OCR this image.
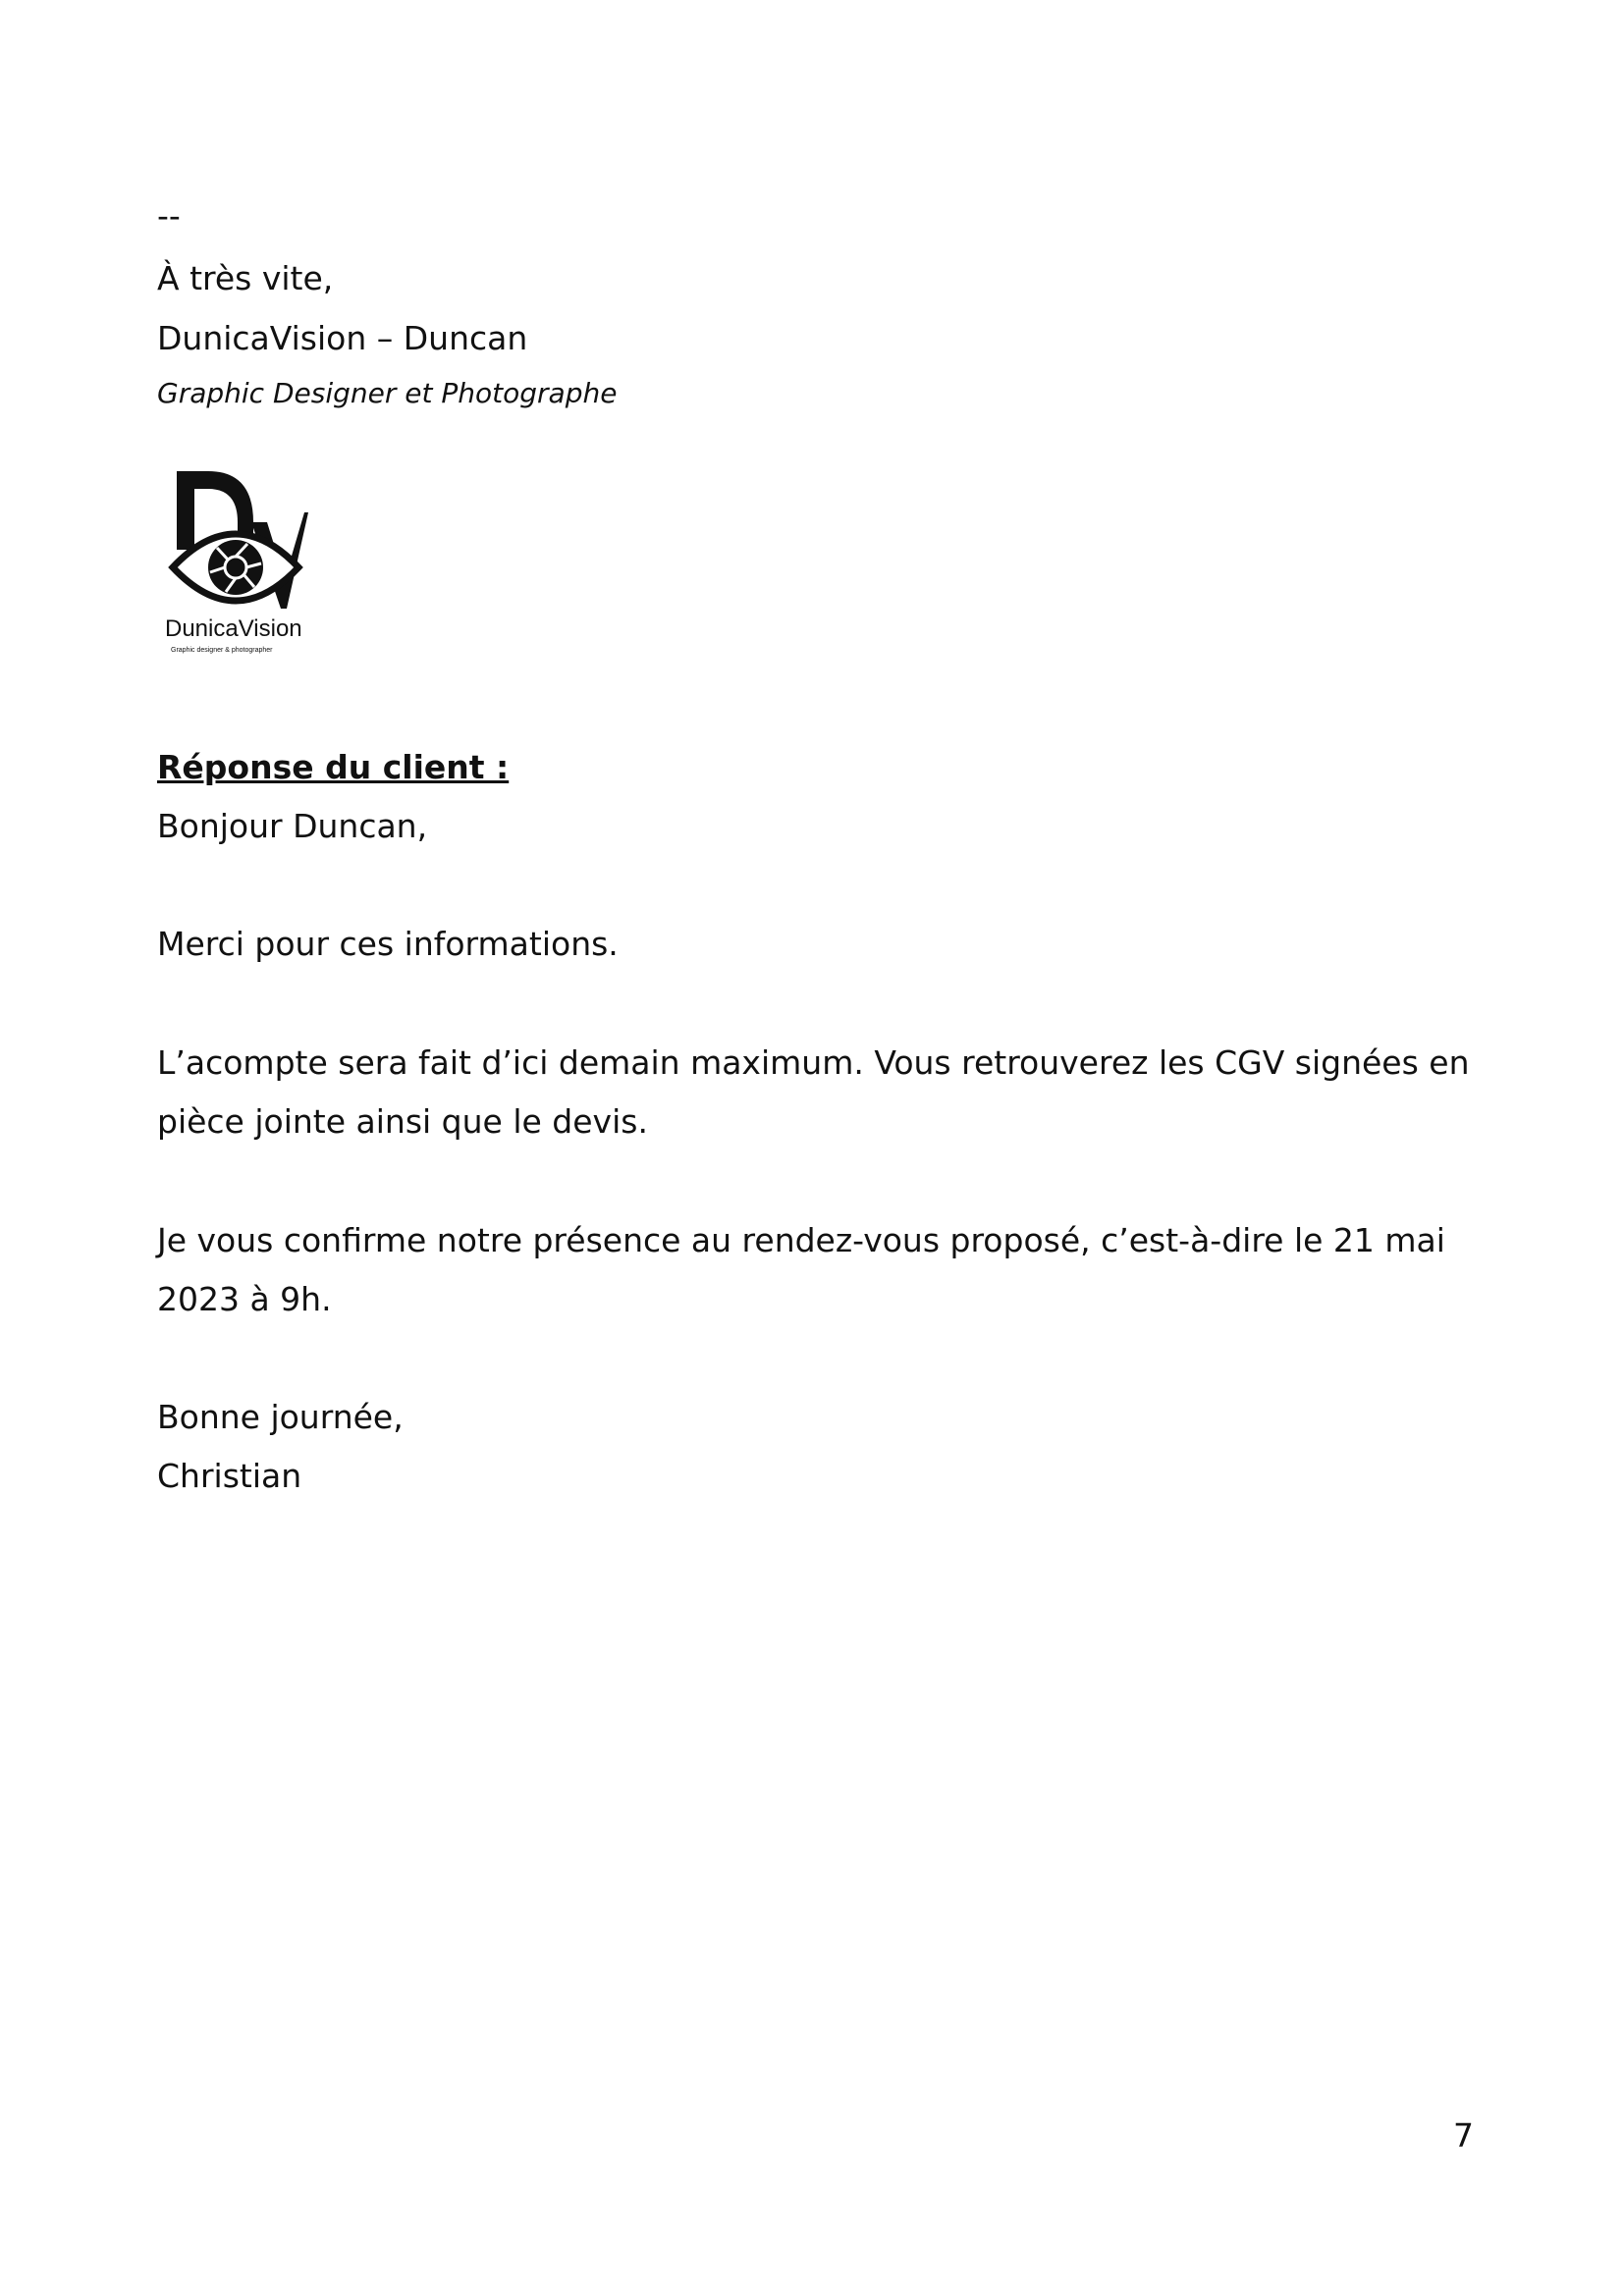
--
À très vite,
DunicaVision – Duncan
Graphic Designer et Photographe
DunicaVision
Graphic designer & photographer
Réponse du client :
Bonjour Duncan,
Merci pour ces informations.
L’acompte sera fait d’ici demain maximum. Vous retrouverez les CGV signées en
pièce jointe ainsi que le devis.
Je vous confirme notre présence au rendez-vous proposé, c’est-à-dire le 21 mai
2023 à 9h.
Bonne journée,
Christian
7
